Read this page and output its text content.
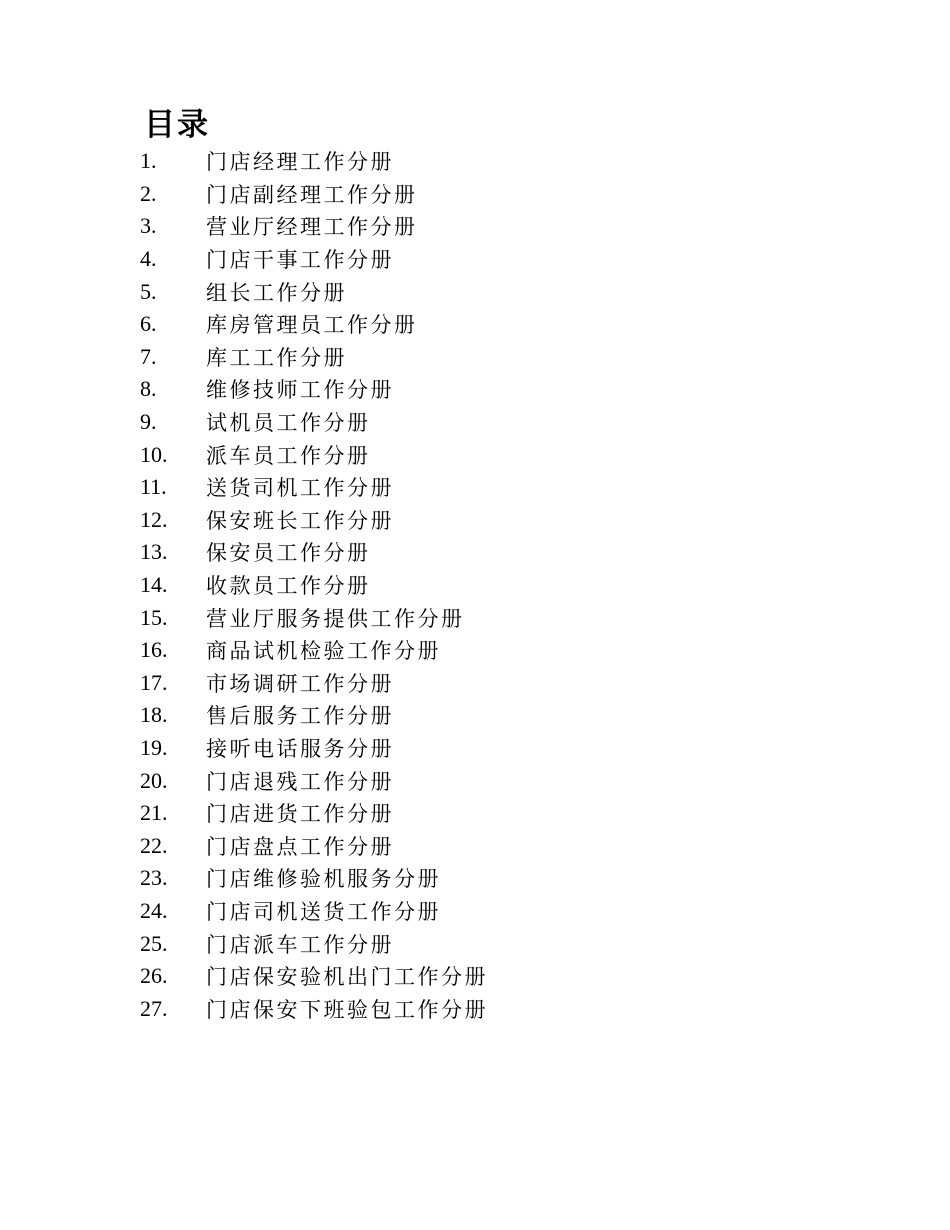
目录
1.	门店经理工作分册
2.	门店副经理工作分册
3.	营业厅经理工作分册
4.	门店干事工作分册
5.	组长工作分册
6.	库房管理员工作分册
7.	库工工作分册
8.	维修技师工作分册
9.	试机员工作分册
10.	派车员工作分册
11.	送货司机工作分册
12.	保安班长工作分册
13.	保安员工作分册
14.	收款员工作分册
15.	营业厅服务提供工作分册
16.	商品试机检验工作分册
17.	市场调研工作分册
18.	售后服务工作分册
19.	接听电话服务分册
20.	门店退残工作分册
21.	门店进货工作分册
22.	门店盘点工作分册
23.	门店维修验机服务分册
24.	门店司机送货工作分册
25.	门店派车工作分册
26.	门店保安验机出门工作分册
27.	门店保安下班验包工作分册
